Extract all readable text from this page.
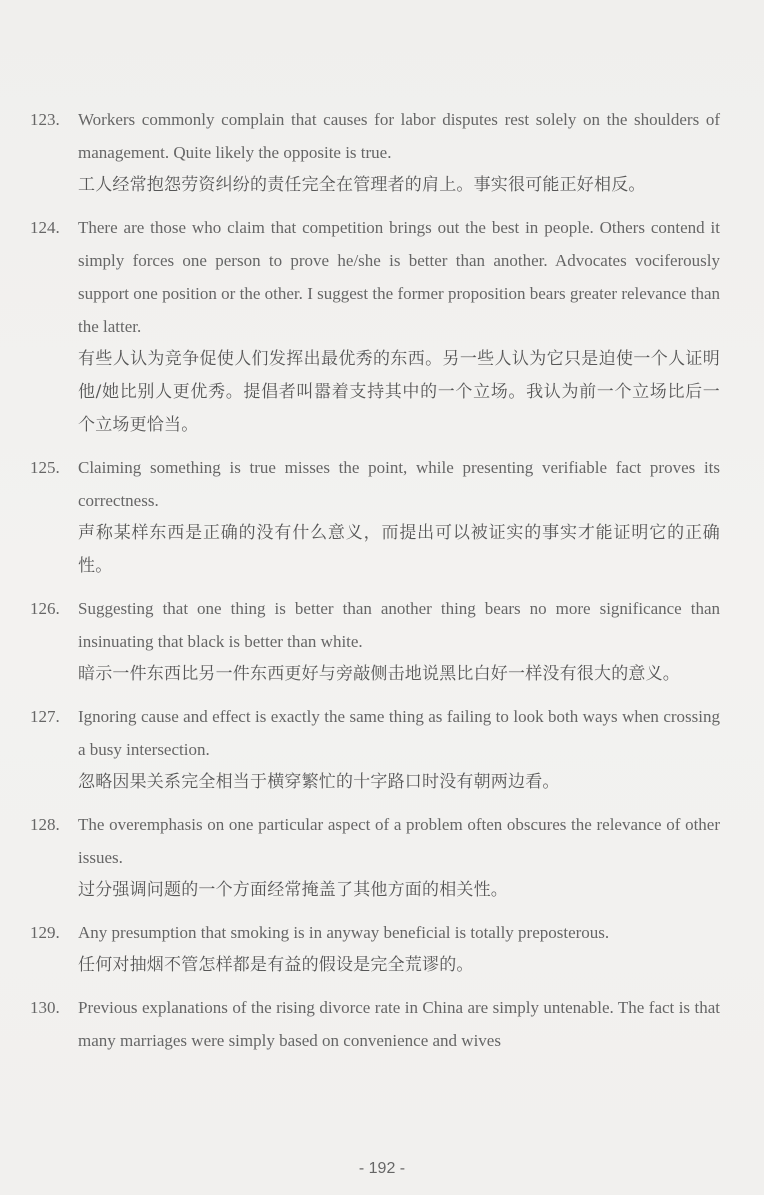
123.	Workers commonly complain that causes for labor disputes rest solely on the shoulders of management. Quite likely the opposite is true.
工人经常抱怨劳资纠纷的责任完全在管理者的肩上。事实很可能正好相反。
124.	There are those who claim that competition brings out the best in people. Others contend it simply forces one person to prove he/she is better than another. Advocates vociferously support one position or the other. I suggest the former proposition bears greater relevance than the latter.
有些人认为竞争促使人们发挥出最优秀的东西。另一些人认为它只是迫使一个人证明他/她比别人更优秀。提倡者叫嚣着支持其中的一个立场。我认为前一个立场比后一个立场更恰当。
125.	Claiming something is true misses the point, while presenting verifiable fact proves its correctness.
声称某样东西是正确的没有什么意义，而提出可以被证实的事实才能证明它的正确性。
126.	Suggesting that one thing is better than another thing bears no more significance than insinuating that black is better than white.
暗示一件东西比另一件东西更好与旁敲侧击地说黑比白好一样没有很大的意义。
127.	Ignoring cause and effect is exactly the same thing as failing to look both ways when crossing a busy intersection.
忽略因果关系完全相当于横穿繁忙的十字路口时没有朝两边看。
128.	The overemphasis on one particular aspect of a problem often obscures the relevance of other issues.
过分强调问题的一个方面经常掩盖了其他方面的相关性。
129.	Any presumption that smoking is in anyway beneficial is totally preposterous.
任何对抽烟不管怎样都是有益的假设是完全荒谬的。
130.	Previous explanations of the rising divorce rate in China are simply untenable. The fact is that many marriages were simply based on convenience and wives
- 192 -
